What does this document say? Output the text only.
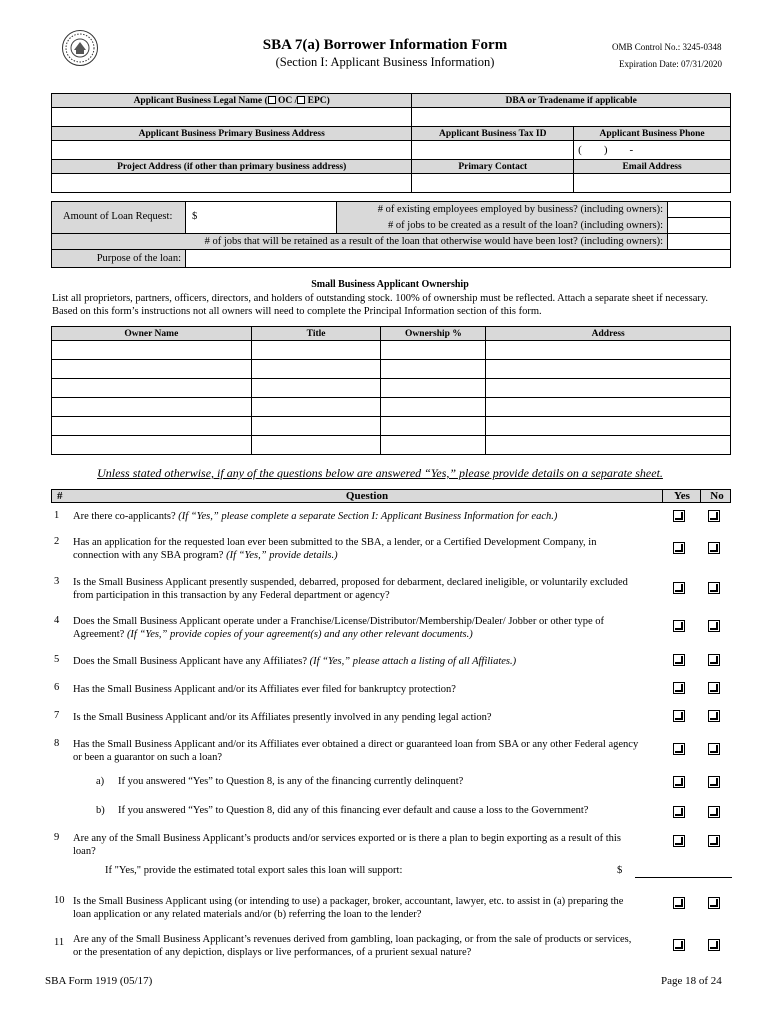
SBA 7(a) Borrower Information Form
(Section I: Applicant Business Information)
OMB Control No.: 3245-0348
Expiration Date: 07/31/2020
Applicant Business Legal Name ( OC / EPC)	DBA or Tradename if applicable	

Applicant Business Primary Business Address	Applicant Business Tax ID	Applicant Business Phone
		(        )        -
Project Address (if other than primary business address)	Primary Contact	Email Address

Amount of Loan Request: $
# of existing employees employed by business? (including owners):
# of jobs to be created as a result of the loan? (including owners):
# of jobs that will be retained as a result of the loan that otherwise would have been lost? (including owners):
Purpose of the loan:
Small Business Applicant Ownership
List all proprietors, partners, officers, directors, and holders of outstanding stock. 100% of ownership must be reflected. Attach a separate sheet if necessary. Based on this form’s instructions not all owners will need to complete the Principal Information section of this form.
Owner Name	Title	Ownership %	Address

Unless stated otherwise, if any of the questions below are answered “Yes,” please provide details on a separate sheet.
#	Question	Yes	No
1 Are there co-applicants? (If “Yes,” please complete a separate Section I: Applicant Business Information for each.)
2 Has an application for the requested loan ever been submitted to the SBA, a lender, or a Certified Development Company, in connection with any SBA program? (If “Yes,” provide details.)
3 Is the Small Business Applicant presently suspended, debarred, proposed for debarment, declared ineligible, or voluntarily excluded from participation in this transaction by any Federal department or agency?
4 Does the Small Business Applicant operate under a Franchise/License/Distributor/Membership/Dealer/ Jobber or other type of Agreement? (If “Yes,” provide copies of your agreement(s) and any other relevant documents.)
5 Does the Small Business Applicant have any Affiliates? (If “Yes,” please attach a listing of all Affiliates.)
6 Has the Small Business Applicant and/or its Affiliates ever filed for bankruptcy protection?
7 Is the Small Business Applicant and/or its Affiliates presently involved in any pending legal action?
8 Has the Small Business Applicant and/or its Affiliates ever obtained a direct or guaranteed loan from SBA or any other Federal agency or been a guarantor on such a loan?
a) If you answered “Yes” to Question 8, is any of the financing currently delinquent?
b) If you answered “Yes” to Question 8, did any of this financing ever default and cause a loss to the Government?
9 Are any of the Small Business Applicant’s products and/or services exported or is there a plan to begin exporting as a result of this loan?
If "Yes," provide the estimated total export sales this loan will support:	$
10 Is the Small Business Applicant using (or intending to use) a packager, broker, accountant, lawyer, etc. to assist in (a) preparing the loan application or any related materials and/or (b) referring the loan to the lender?
11 Are any of the Small Business Applicant’s revenues derived from gambling, loan packaging, or from the sale of products or services, or the presentation of any depiction, displays or live performances, of a prurient sexual nature?
SBA Form 1919 (05/17)	Page 18 of 24
